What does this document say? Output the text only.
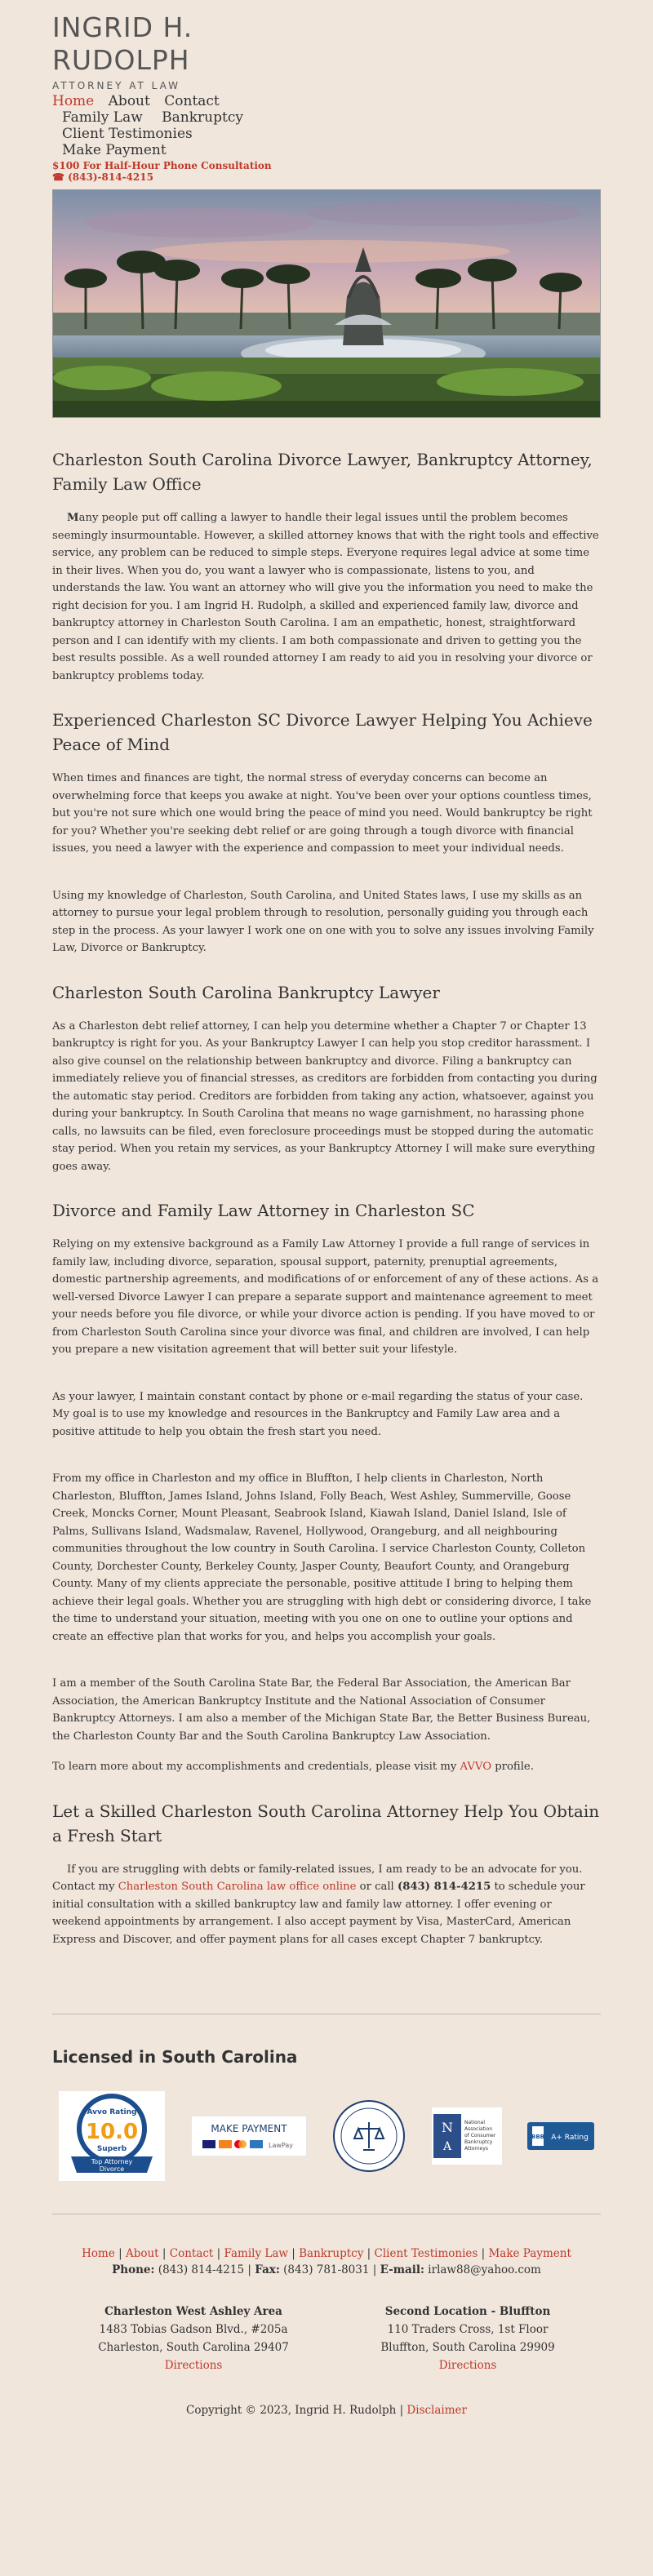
INGRID H.
RUDOLPH
ATTORNEY AT LAW
Home About Contact
Family Law Bankruptcy
Client Testimonies
Make Payment
$100 For Half-Hour Phone Consultation
☎ (843)-814-4215
Charleston South Carolina Divorce Lawyer, Bankruptcy Attorney, Family Law Office

Many people put off calling a lawyer to handle their legal issues until the problem becomes seemingly insurmountable. However, a skilled attorney knows that with the right tools and effective service, any problem can be reduced to simple steps. Everyone requires legal advice at some time in their lives. When you do, you want a lawyer who is compassionate, listens to you, and understands the law. You want an attorney who will give you the information you need to make the right decision for you. I am Ingrid H. Rudolph, a skilled and experienced family law, divorce and bankruptcy attorney in Charleston South Carolina. I am an empathetic, honest, straightforward person and I can identify with my clients. I am both compassionate and driven to getting you the best results possible. As a well rounded attorney I am ready to aid you in resolving your divorce or bankruptcy problems today.

Experienced Charleston SC Divorce Lawyer Helping You Achieve Peace of Mind

When times and finances are tight, the normal stress of everyday concerns can become an overwhelming force that keeps you awake at night. You've been over your options countless times, but you're not sure which one would bring the peace of mind you need. Would bankruptcy be right for you? Whether you're seeking debt relief or are going through a tough divorce with financial issues, you need a lawyer with the experience and compassion to meet your individual needs.

Using my knowledge of Charleston, South Carolina, and United States laws, I use my skills as an attorney to pursue your legal problem through to resolution, personally guiding you through each step in the process. As your lawyer I work one on one with you to solve any issues involving Family Law, Divorce or Bankruptcy.

Charleston South Carolina Bankruptcy Lawyer

As a Charleston debt relief attorney, I can help you determine whether a Chapter 7 or Chapter 13 bankruptcy is right for you. As your Bankruptcy Lawyer I can help you stop creditor harassment. I also give counsel on the relationship between bankruptcy and divorce. Filing a bankruptcy can immediately relieve you of financial stresses, as creditors are forbidden from contacting you during the automatic stay period. Creditors are forbidden from taking any action, whatsoever, against you during your bankruptcy. In South Carolina that means no wage garnishment, no harassing phone calls, no lawsuits can be filed, even foreclosure proceedings must be stopped during the automatic stay period. When you retain my services, as your Bankruptcy Attorney I will make sure everything goes away.

Divorce and Family Law Attorney in Charleston SC

Relying on my extensive background as a Family Law Attorney I provide a full range of services in family law, including divorce, separation, spousal support, paternity, prenuptial agreements, domestic partnership agreements, and modifications of or enforcement of any of these actions. As a well-versed Divorce Lawyer I can prepare a separate support and maintenance agreement to meet your needs before you file divorce, or while your divorce action is pending. If you have moved to or from Charleston South Carolina since your divorce was final, and children are involved, I can help you prepare a new visitation agreement that will better suit your lifestyle.

As your lawyer, I maintain constant contact by phone or e-mail regarding the status of your case. My goal is to use my knowledge and resources in the Bankruptcy and Family Law area and a positive attitude to help you obtain the fresh start you need.

From my office in Charleston and my office in Bluffton, I help clients in Charleston, North Charleston, Bluffton, James Island, Johns Island, Folly Beach, West Ashley, Summerville, Goose Creek, Moncks Corner, Mount Pleasant, Seabrook Island, Kiawah Island, Daniel Island, Isle of Palms, Sullivans Island, Wadsmalaw, Ravenel, Hollywood, Orangeburg, and all neighbouring communities throughout the low country in South Carolina. I service Charleston County, Colleton County, Dorchester County, Berkeley County, Jasper County, Beaufort County, and Orangeburg County. Many of my clients appreciate the personable, positive attitude I bring to helping them achieve their legal goals. Whether you are struggling with high debt or considering divorce, I take the time to understand your situation, meeting with you one on one to outline your options and create an effective plan that works for you, and helps you accomplish your goals.

I am a member of the South Carolina State Bar, the Federal Bar Association, the American Bar Association, the American Bankruptcy Institute and the National Association of Consumer Bankruptcy Attorneys. I am also a member of the Michigan State Bar, the Better Business Bureau, the Charleston County Bar and the South Carolina Bankruptcy Law Association.

To learn more about my accomplishments and credentials, please visit my AVVO profile.

Let a Skilled Charleston South Carolina Attorney Help You Obtain a Fresh Start

If you are struggling with debts or family-related issues, I am ready to be an advocate for you. Contact my Charleston South Carolina law office online or call (843) 814-4215 to schedule your initial consultation with a skilled bankruptcy law and family law attorney. I offer evening or weekend appointments by arrangement. I also accept payment by Visa, MasterCard, American Express and Discover, and offer payment plans for all cases except Chapter 7 bankruptcy.

Licensed in South Carolina
Avvo Rating
10.0
Superb
Top Attorney
Divorce
MAKE PAYMENT
LawPay
N
A
National
Association
of Consumer
Bankruptcy
Attorneys
BBB A+ Rating
Home | About | Contact | Family Law | Bankruptcy | Client Testimonies | Make Payment
Phone: (843) 814-4215 | Fax: (843) 781-8031 | E-mail: irlaw88@yahoo.com
Charleston West Ashley Area
1483 Tobias Gadson Blvd., #205a
Charleston, South Carolina 29407
Directions
Second Location - Bluffton
110 Traders Cross, 1st Floor
Bluffton, South Carolina 29909
Directions
Copyright © 2023, Ingrid H. Rudolph | Disclaimer
